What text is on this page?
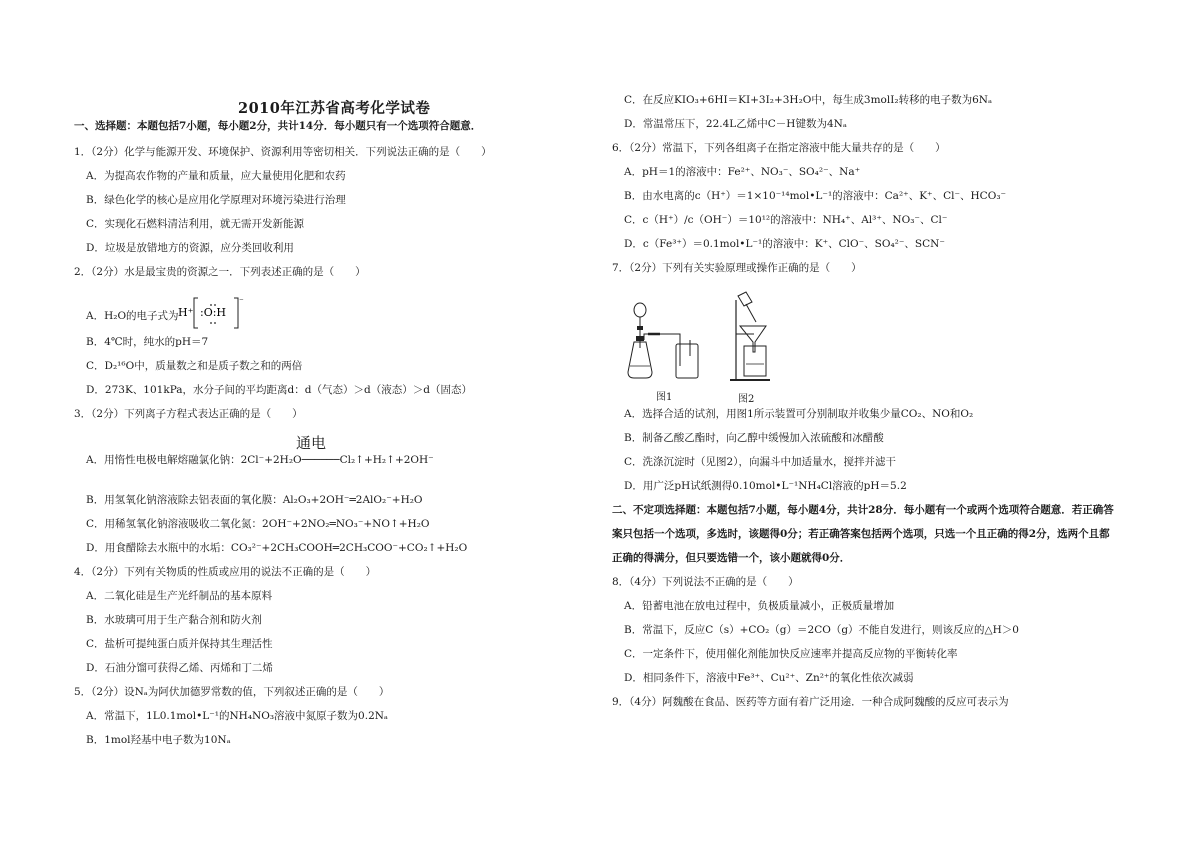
2010年江苏省高考化学试卷
一、选择题：本题包括7小题，每小题2分，共计14分．每小题只有一个选项符合题意．
1．（2分）化学与能源开发、环境保护、资源利用等密切相关．下列说法正确的是（　　）
A．为提高农作物的产量和质量，应大量使用化肥和农药
B．绿色化学的核心是应用化学原理对环境污染进行治理
C．实现化石燃料清洁利用，就无需开发新能源
D．垃圾是放错地方的资源，应分类回收利用
2．（2分）水是最宝贵的资源之一．下列表述正确的是（　　）
A．H₂O的电子式为
B．4℃时，纯水的pH＝7
C．D₂¹⁶O中，质量数之和是质子数之和的两倍
D．273K、101kPa，水分子间的平均距离d：d（气态）＞d（液态）＞d（固态）
3．（2分）下列离子方程式表达正确的是（　　）
A．用惰性电极电解熔融氯化钠：2Cl⁻+2H₂O──────Cl₂↑+H₂↑+2OH⁻
B．用氢氧化钠溶液除去铝表面的氧化膜：Al₂O₃+2OH⁻═2AlO₂⁻+H₂O
C．用稀氢氧化钠溶液吸收二氧化氮：2OH⁻+2NO₂═NO₃⁻+NO↑+H₂O
D．用食醋除去水瓶中的水垢：CO₃²⁻+2CH₃COOH═2CH₃COO⁻+CO₂↑+H₂O
4．（2分）下列有关物质的性质或应用的说法不正确的是（　　）
A．二氧化硅是生产光纤制品的基本原料
B．水玻璃可用于生产黏合剂和防火剂
C．盐析可提纯蛋白质并保持其生理活性
D．石油分馏可获得乙烯、丙烯和丁二烯
5．（2分）设Nₐ为阿伏加德罗常数的值，下列叙述正确的是（　　）
A．常温下，1L0.1mol•L⁻¹的NH₄NO₃溶液中氮原子数为0.2Nₐ
B．1mol羟基中电子数为10Nₐ
通电
H⁺ :O:H
⁻
C．在反应KIO₃+6HI＝KI+3I₂+3H₂O中，每生成3molI₂转移的电子数为6Nₐ
D．常温常压下，22.4L乙烯中C－H键数为4Nₐ
6．（2分）常温下，下列各组离子在指定溶液中能大量共存的是（　　）
A．pH＝1的溶液中：Fe²⁺、NO₃⁻、SO₄²⁻、Na⁺
B．由水电离的c（H⁺）＝1×10⁻¹⁴mol•L⁻¹的溶液中：Ca²⁺、K⁺、Cl⁻、HCO₃⁻
C．c（H⁺）/c（OH⁻）＝10¹²的溶液中：NH₄⁺、Al³⁺、NO₃⁻、Cl⁻
D．c（Fe³⁺）＝0.1mol•L⁻¹的溶液中：K⁺、ClO⁻、SO₄²⁻、SCN⁻
7．（2分）下列有关实验原理或操作正确的是（　　）
A．选择合适的试剂，用图1所示装置可分别制取并收集少量CO₂、NO和O₂
B．制备乙酸乙酯时，向乙醇中缓慢加入浓硫酸和冰醋酸
C．洗涤沉淀时（见图2），向漏斗中加适量水，搅拌并滤干
D．用广泛pH试纸测得0.10mol•L⁻¹NH₄Cl溶液的pH＝5.2
二、不定项选择题：本题包括7小题，每小题4分，共计28分．每小题有一个或两个选项符合题意．若正确答
案只包括一个选项，多选时，该题得0分；若正确答案包括两个选项，只选一个且正确的得2分，选两个且都
正确的得满分，但只要选错一个，该小题就得0分．
8．（4分）下列说法不正确的是（　　）
A．铅蓄电池在放电过程中，负极质量减小，正极质量增加
B．常温下，反应C（s）+CO₂（g）＝2CO（g）不能自发进行，则该反应的△H＞0
C．一定条件下，使用催化剂能加快反应速率并提高反应物的平衡转化率
D．相同条件下，溶液中Fe³⁺、Cu²⁺、Zn²⁺的氧化性依次减弱
9．（4分）阿魏酸在食品、医药等方面有着广泛用途．一种合成阿魏酸的反应可表示为
图1	图2
